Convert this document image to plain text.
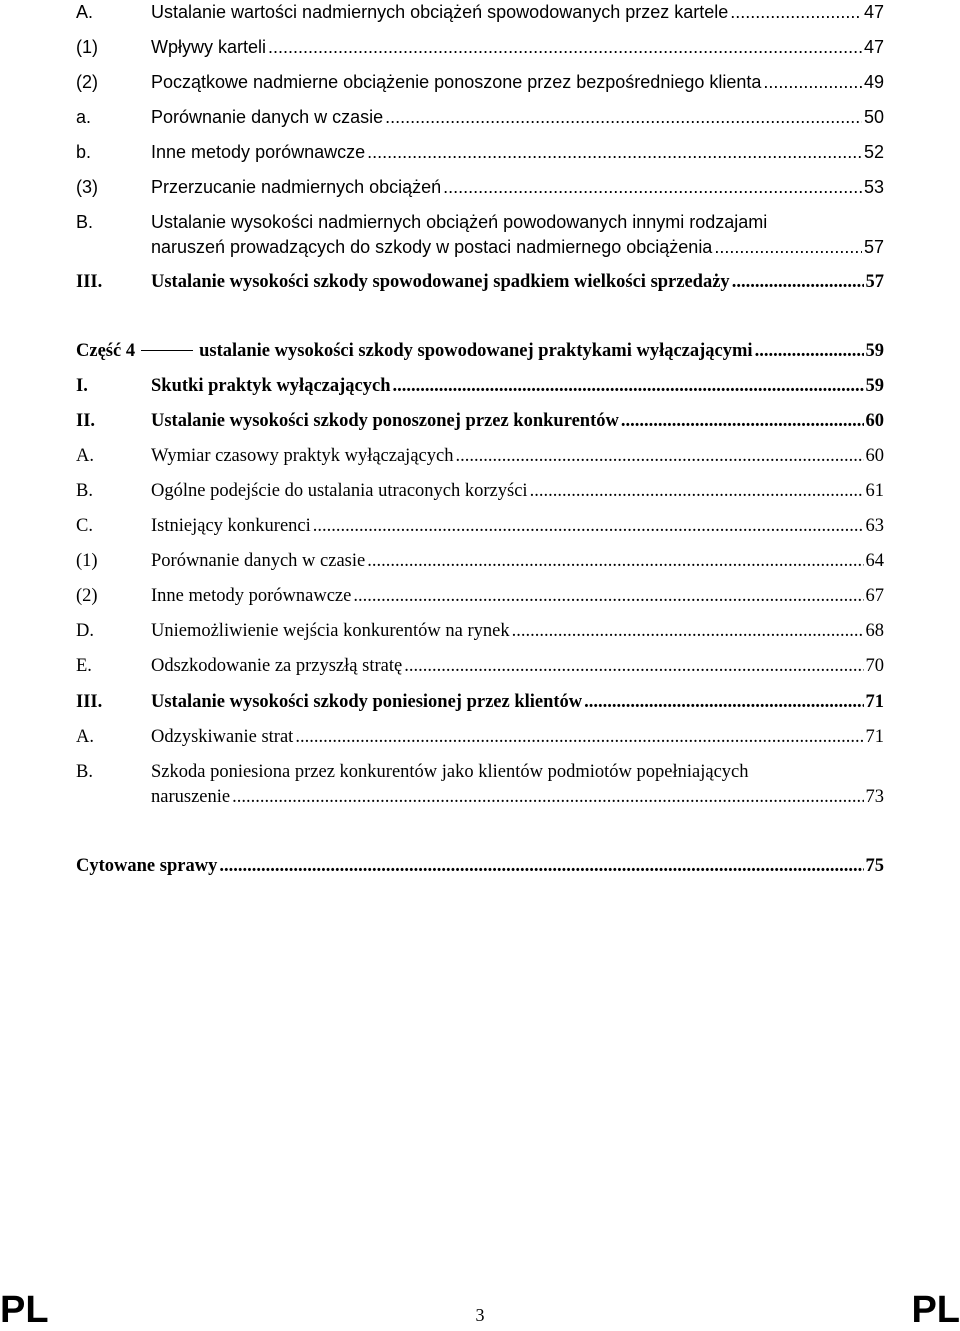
A.	Ustalanie wartości nadmiernych obciążeń spowodowanych przez kartele .....	47
(1)	Wpływy karteli .....	47
(2)	Początkowe nadmierne obciążenie ponoszone przez bezpośredniego klienta .....	49
a.	Porównanie danych w czasie .....	50
b.	Inne metody porównawcze .....	52
(3)	Przerzucanie nadmiernych obciążeń .....	53
B.	Ustalanie wysokości nadmiernych obciążeń powodowanych innymi rodzajami
naruszeń prowadzących do szkody w postaci nadmiernego obciążenia .....	57
III.	Ustalanie wysokości szkody spowodowanej spadkiem wielkości sprzedaży .....	57
Część 4	ustalanie wysokości szkody spowodowanej praktykami wyłączającymi .....	59
I.	Skutki praktyk wyłączających .....	59
II.	Ustalanie wysokości szkody ponoszonej przez konkurentów .....	60
A.	Wymiar czasowy praktyk wyłączających .....	60
B.	Ogólne podejście do ustalania utraconych korzyści .....	61
C.	Istniejący konkurenci .....	63
(1)	Porównanie danych w czasie .....	64
(2)	Inne metody porównawcze .....	67
D.	Uniemożliwienie wejścia konkurentów na rynek .....	68
E.	Odszkodowanie za przyszłą stratę .....	70
III.	Ustalanie wysokości szkody poniesionej przez klientów .....	71
A.	Odzyskiwanie strat .....	71
B.	Szkoda poniesiona przez konkurentów jako klientów podmiotów popełniających
naruszenie .....	73
Cytowane sprawy .....	75
PL	3	PL
